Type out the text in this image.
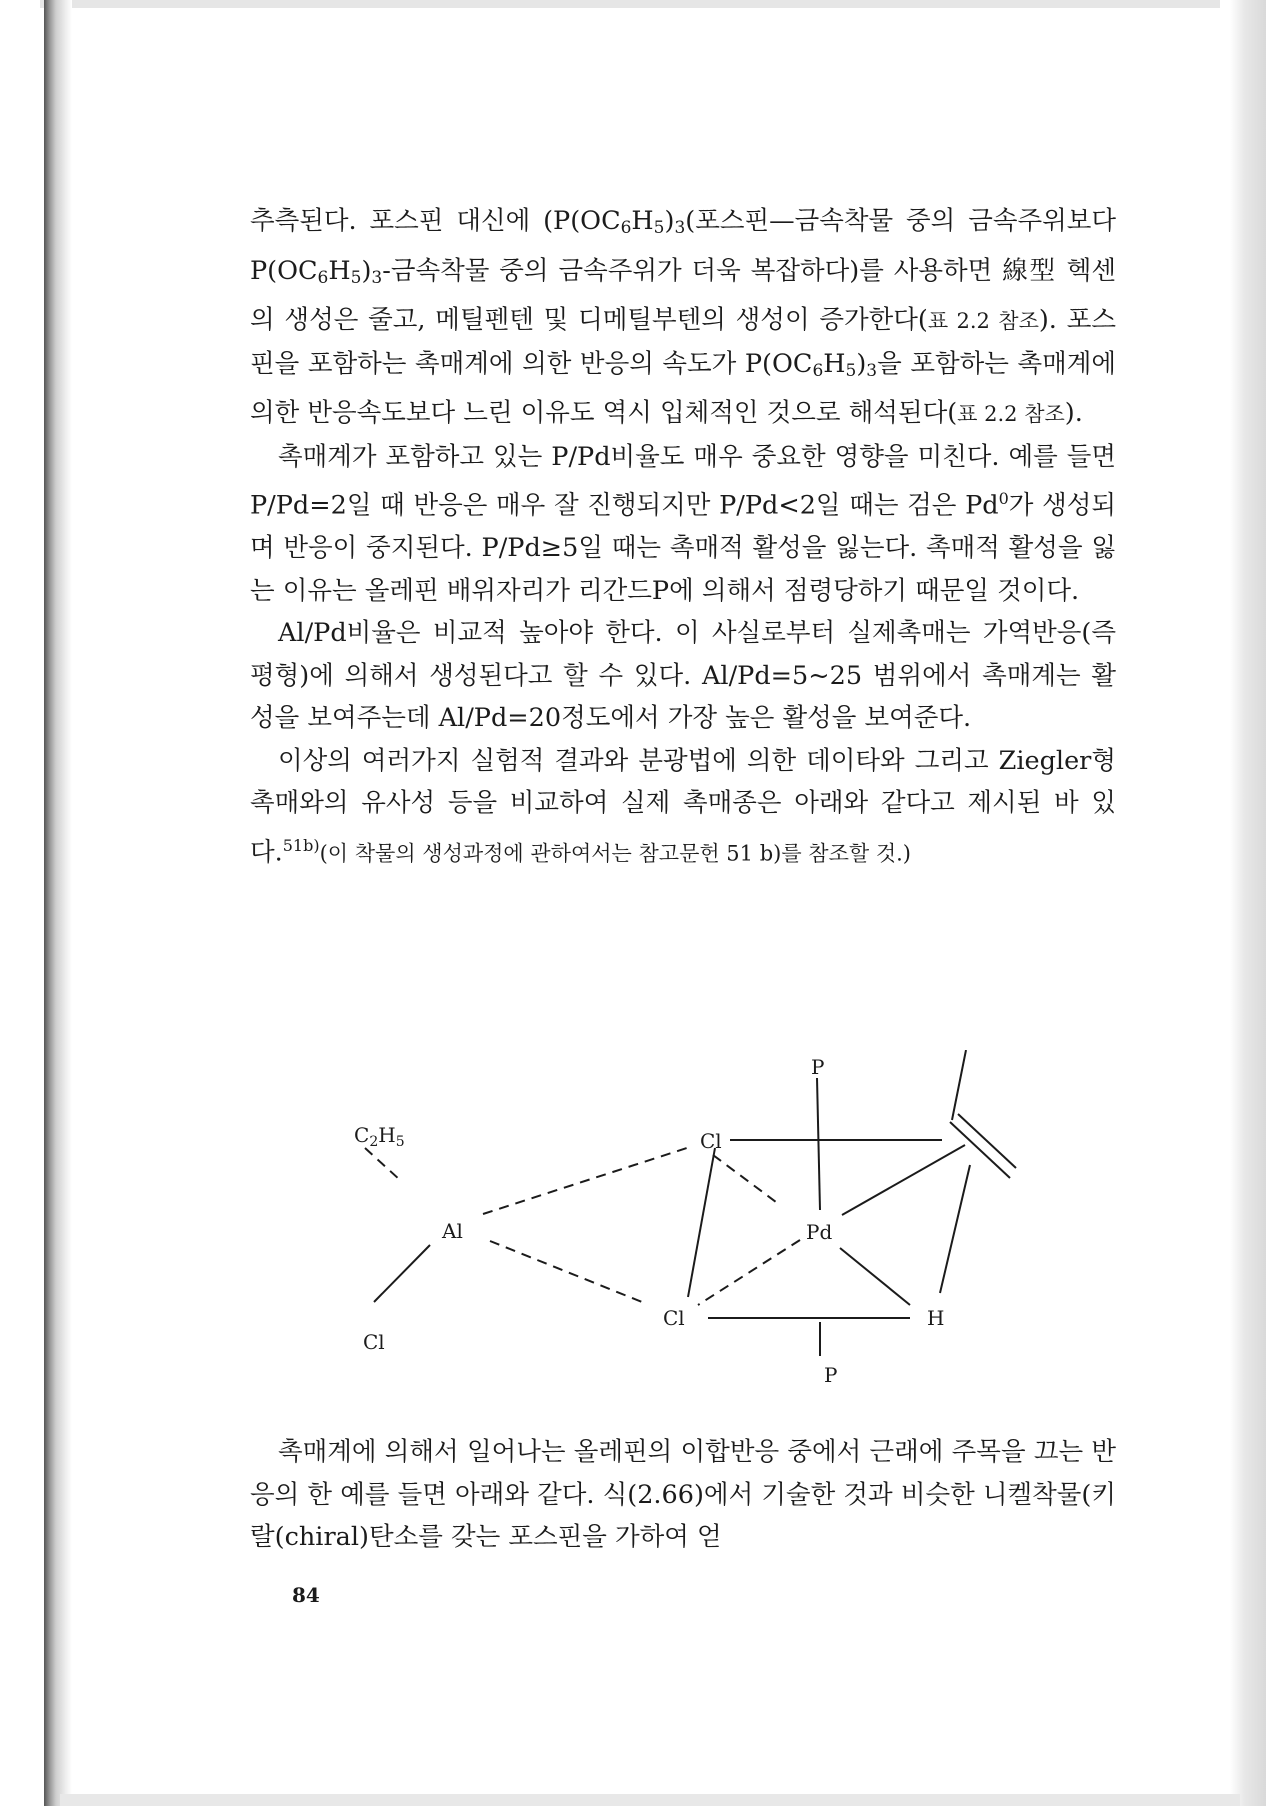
추측된다. 포스핀 대신에 ($P(OC_6H_5)_3$(포스핀—금속착물 중의 금속주위보다 $P(OC_6H_5)_3-$금속착물 중의 금속주위가 더욱 복잡하다)를 사용하면 線型 헥센의 생성은 줄고, 메틸펜텐 및 디메틸부텐의 생성이 증가한다(표 2.2 참조). 포스핀을 포함하는 촉매계에 의한 반응의 속도가 $P(OC_6H_5)_3$을 포함하는 촉매계에 의한 반응속도보다 느린 이유도 역시 입체적인 것으로 해석된다(표 2.2 참조).

촉매계가 포함하고 있는 P/Pd비율도 매우 중요한 영향을 미친다. 예를 들면 P/Pd=2일 때 반응은 매우 잘 진행되지만 P/Pd<2일 때는 검은 Pd$^0$가 생성되며 반응이 중지된다. P/Pd≥5일 때는 촉매적 활성을 잃는다. 촉매적 활성을 잃는 이유는 올레핀 배위자리가 리간드P에 의해서 점령당하기 때문일 것이다.

Al/Pd비율은 비교적 높아야 한다. 이 사실로부터 실제촉매는 가역반응(즉 평형)에 의해서 생성된다고 할 수 있다. Al/Pd=5~25 범위에서 촉매계는 활성을 보여주는데 Al/Pd=20정도에서 가장 높은 활성을 보여준다.

이상의 여러가지 실험적 결과와 분광법에 의한 데이타와 그리고 Ziegler형 촉매와의 유사성 등을 비교하여 실제 촉매종은 아래와 같다고 제시된 바 있다.$^{51b)}$(이 착물의 생성과정에 관하여서는 참고문헌 51 b)를 참조할 것.)

$C_2H_5$
Al
Cl
Cl
Cl
Pd
P
P
H

촉매계에 의해서 일어나는 올레핀의 이합반응 중에서 근래에 주목을 끄는 반응의 한 예를 들면 아래와 같다. 식(2.66)에서 기술한 것과 비슷한 니켈착물(키랄(chiral)탄소를 갖는 포스핀을 가하여 얻

84
